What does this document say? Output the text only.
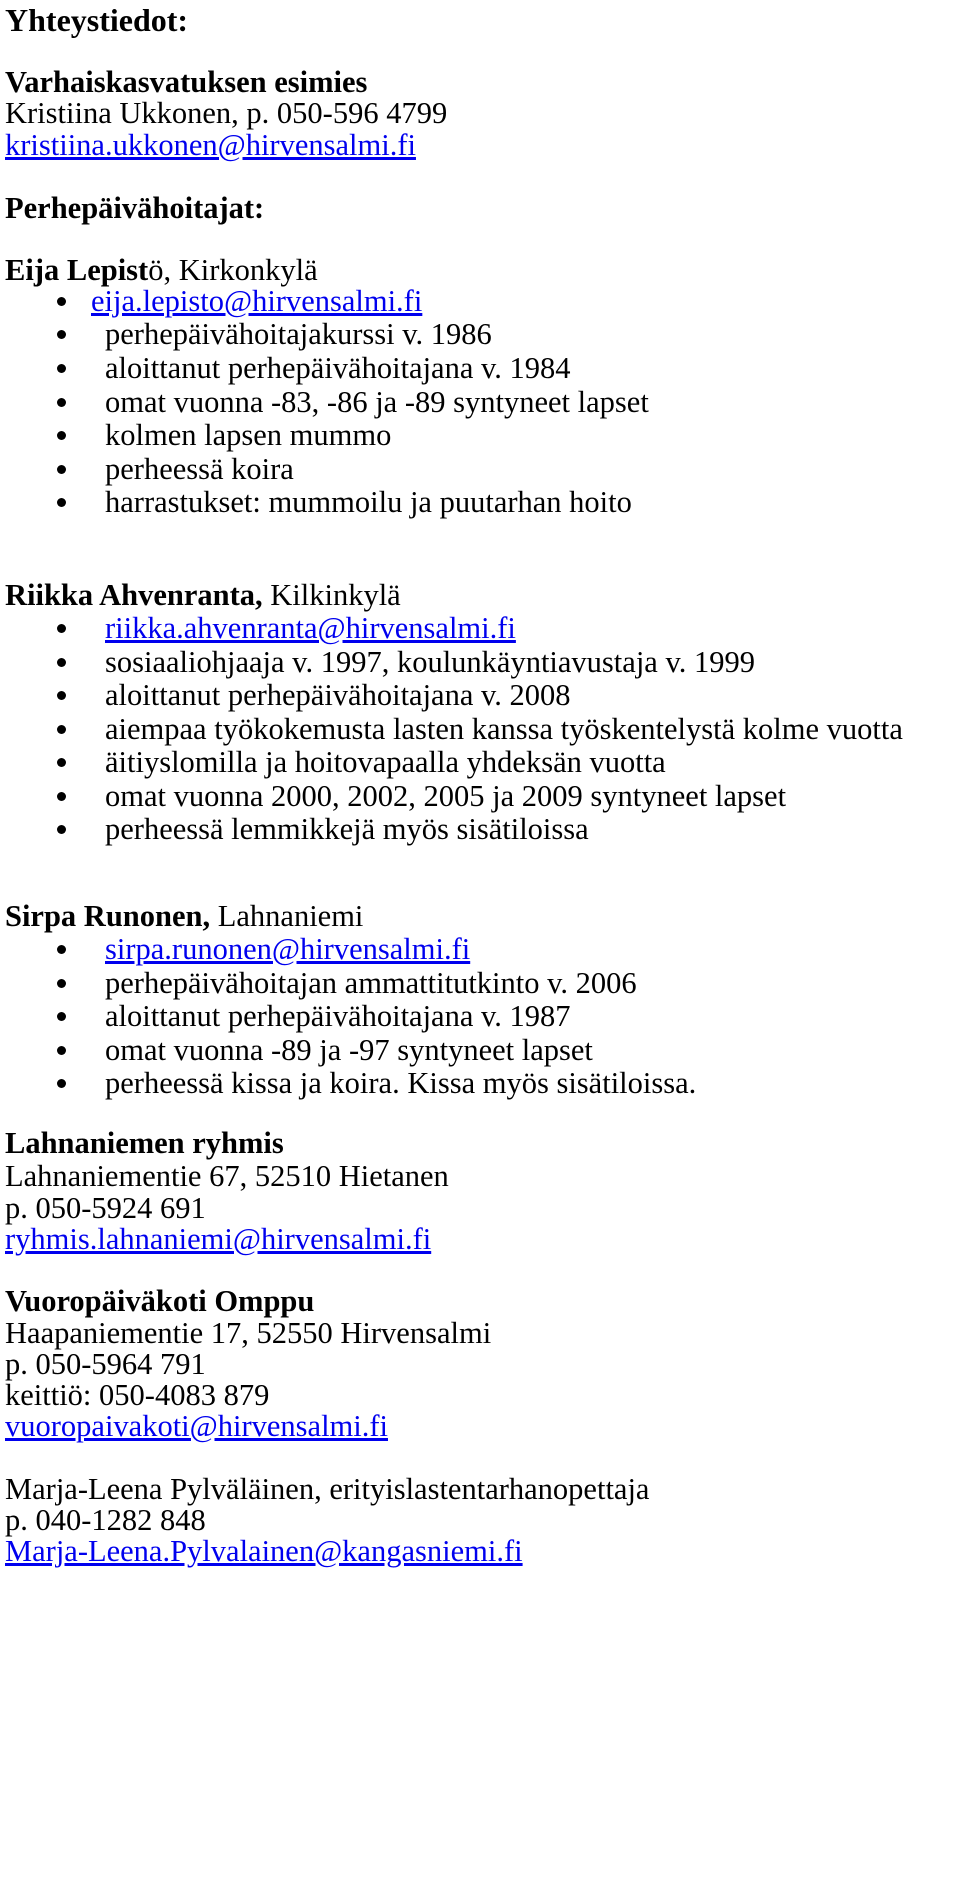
Yhteystiedot:
Varhaiskasvatuksen esimies
Kristiina Ukkonen, p. 050-596 4799
kristiina.ukkonen@hirvensalmi.fi
Perhepäivähoitajat:
Eija Lepistö, Kirkonkylä
eija.lepisto@hirvensalmi.fi
perhepäivähoitajakurssi v. 1986
aloittanut perhepäivähoitajana v. 1984
omat vuonna -83, -86 ja -89 syntyneet lapset
kolmen lapsen mummo
perheessä koira
harrastukset: mummoilu ja puutarhan hoito
Riikka Ahvenranta, Kilkinkylä
riikka.ahvenranta@hirvensalmi.fi
sosiaaliohjaaja v. 1997, koulunkäyntiavustaja v. 1999
aloittanut perhepäivähoitajana v. 2008
aiempaa työkokemusta lasten kanssa työskentelystä kolme vuotta
äitiyslomilla ja hoitovapaalla yhdeksän vuotta
omat vuonna 2000, 2002, 2005 ja 2009 syntyneet lapset
perheessä lemmikkejä myös sisätiloissa
Sirpa Runonen, Lahnaniemi
sirpa.runonen@hirvensalmi.fi
perhepäivähoitajan ammattitutkinto v. 2006
aloittanut perhepäivähoitajana v. 1987
omat vuonna -89 ja -97 syntyneet lapset
perheessä kissa ja koira. Kissa myös sisätiloissa.
Lahnaniemen ryhmis
Lahnaniementie 67, 52510 Hietanen
p. 050-5924 691
ryhmis.lahnaniemi@hirvensalmi.fi
Vuoropäiväkoti Omppu
Haapaniementie 17, 52550 Hirvensalmi
p. 050-5964 791
keittiö: 050-4083 879
vuoropaivakoti@hirvensalmi.fi
Marja-Leena Pylväläinen, erityislastentarhanopettaja
p. 040-1282 848
Marja-Leena.Pylvalainen@kangasniemi.fi
